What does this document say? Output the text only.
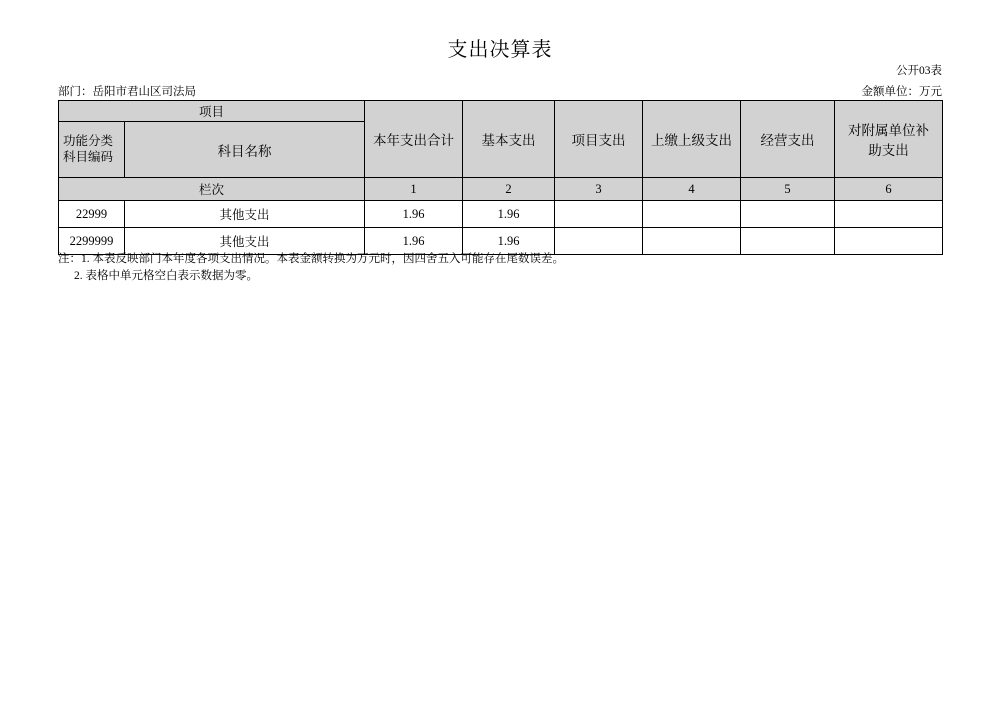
支出决算表
公开03表
部门：岳阳市君山区司法局	金额单位：万元
项目		本年支出合计	基本支出	项目支出	上缴上级支出	经营支出	对附属单位补
助支出

功能分类
科目编码	科目名称						
栏次		1	2	3	4	5	6
22999	其他支出	1.96	1.96				
2299999	其他支出	1.96	1.96				
注：1. 本表反映部门本年度各项支出情况。本表金额转换为万元时，因四舍五入可能存在尾数误差。
2. 表格中单元格空白表示数据为零。
